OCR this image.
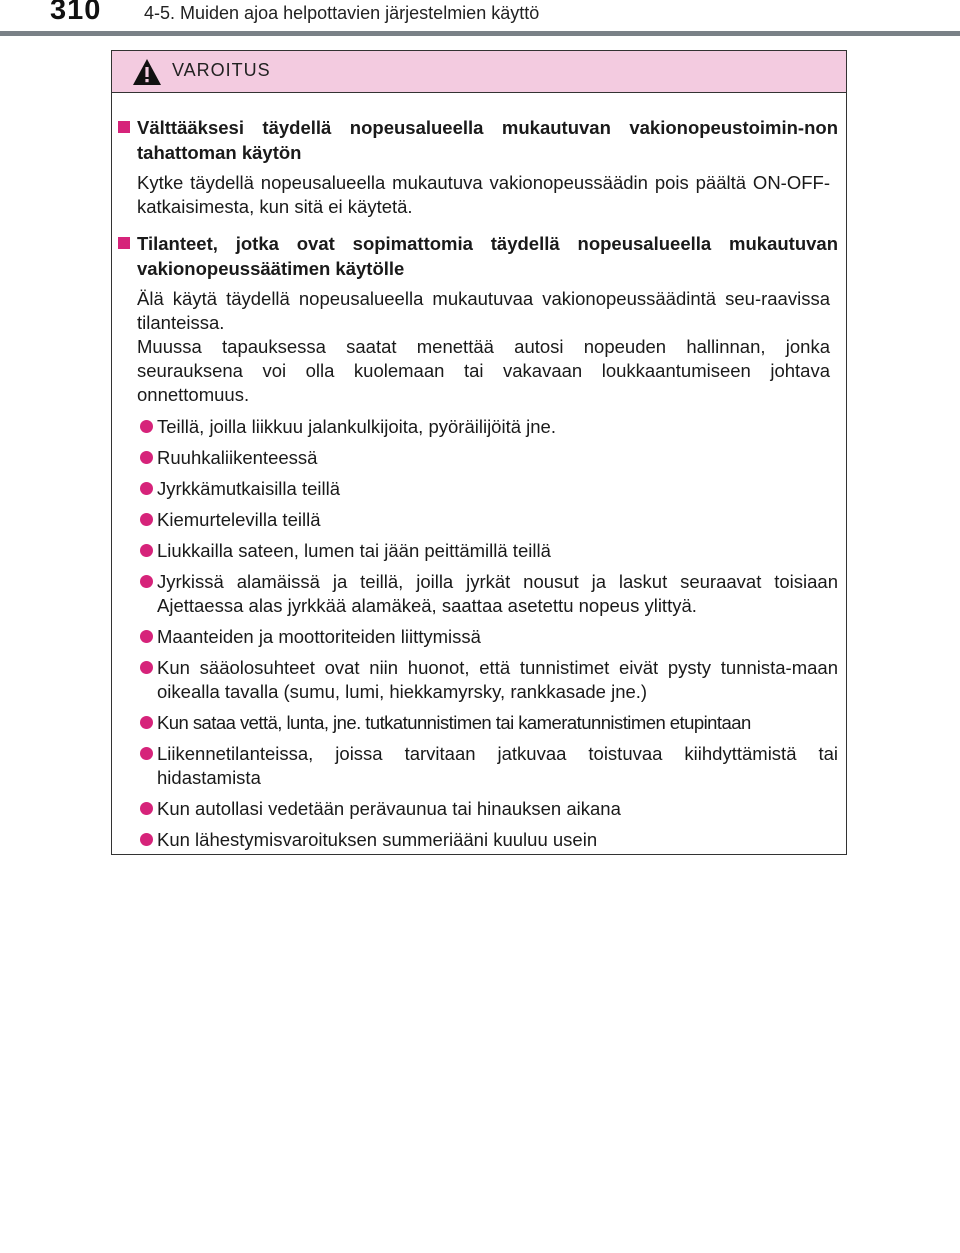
310 4-5. Muiden ajoa helpottavien järjestelmien käyttö
VAROITUS
Välttääksesi täydellä nopeusalueella mukautuvan vakionopeustoimin-non tahattoman käytön
Kytke täydellä nopeusalueella mukautuva vakionopeussäädin pois päältä ON-OFF-katkaisimesta, kun sitä ei käytetä.
Tilanteet, jotka ovat sopimattomia täydellä nopeusalueella mukautuvan vakionopeussäätimen käytölle
Älä käytä täydellä nopeusalueella mukautuvaa vakionopeussäädintä seu-raavissa tilanteissa.
Muussa tapauksessa saatat menettää autosi nopeuden hallinnan, jonka seurauksena voi olla kuolemaan tai vakavaan loukkaantumiseen johtava onnettomuus.
Teillä, joilla liikkuu jalankulkijoita, pyöräilijöitä jne.
Ruuhkaliikenteessä
Jyrkkämutkaisilla teillä
Kiemurtelevilla teillä
Liukkailla sateen, lumen tai jään peittämillä teillä
Jyrkissä alamäissä ja teillä, joilla jyrkät nousut ja laskut seuraavat toisiaan Ajettaessa alas jyrkkää alamäkeä, saattaa asetettu nopeus ylittyä.
Maanteiden ja moottoriteiden liittymissä
Kun sääolosuhteet ovat niin huonot, että tunnistimet eivät pysty tunnista-maan oikealla tavalla (sumu, lumi, hiekkamyrsky, rankkasade jne.)
Kun sataa vettä, lunta, jne. tutkatunnistimen tai kameratunnistimen etupintaan
Liikennetilanteissa, joissa tarvitaan jatkuvaa toistuvaa kiihdyttämistä tai hidastamista
Kun autollasi vedetään perävaunua tai hinauksen aikana
Kun lähestymisvaroituksen summeriääni kuuluu usein
